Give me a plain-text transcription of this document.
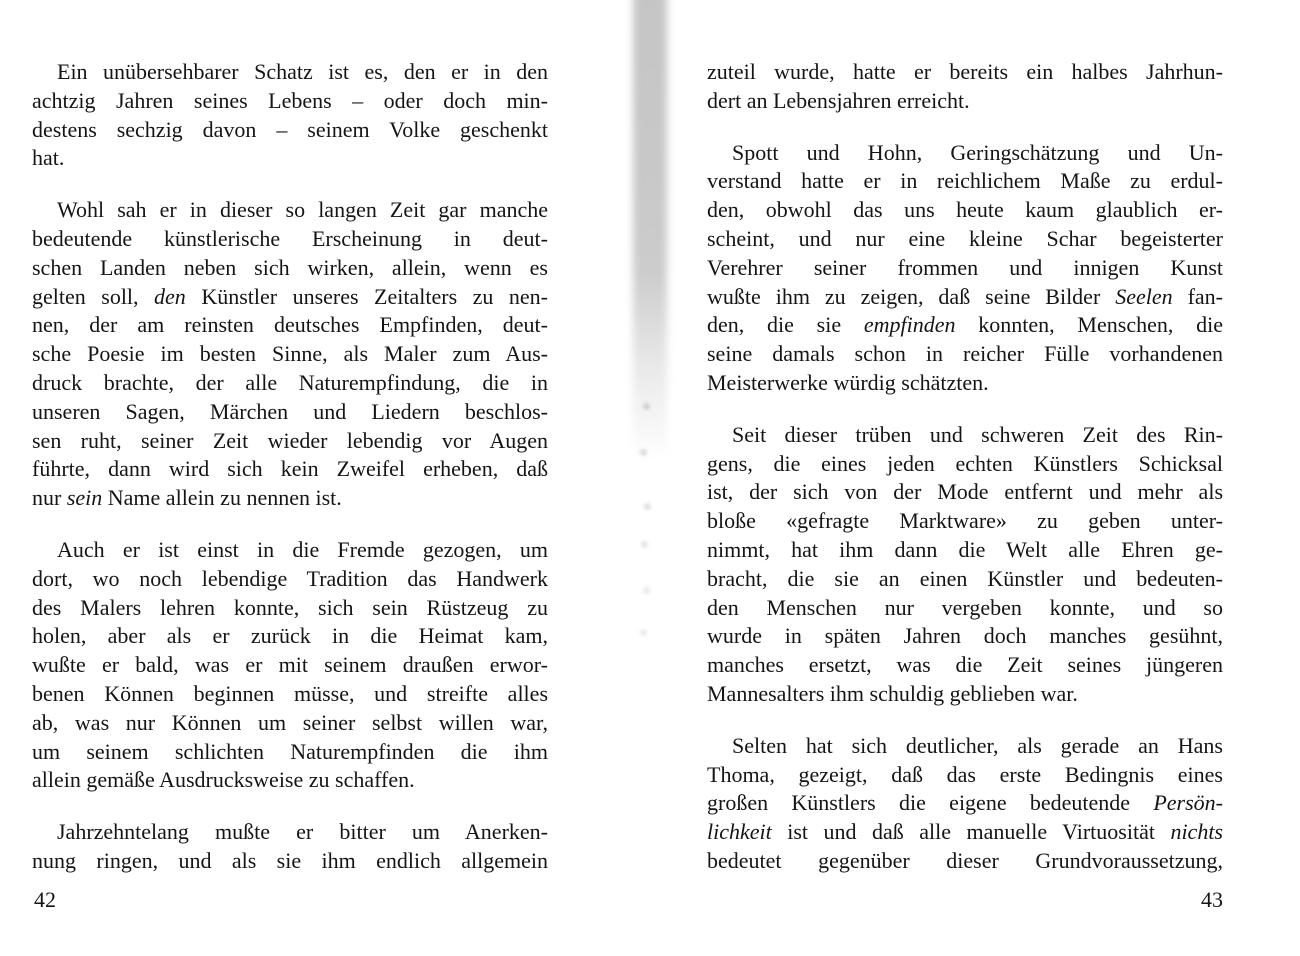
Ein unübersehbarer Schatz ist es, den er in den
achtzig Jahren seines Lebens – oder doch min-
destens sechzig davon – seinem Volke geschenkt
hat.
Wohl sah er in dieser so langen Zeit gar manche
bedeutende künstlerische Erscheinung in deut-
schen Landen neben sich wirken, allein, wenn es
gelten soll, den Künstler unseres Zeitalters zu nen-
nen, der am reinsten deutsches Empfinden, deut-
sche Poesie im besten Sinne, als Maler zum Aus-
druck brachte, der alle Naturempfindung, die in
unseren Sagen, Märchen und Liedern beschlos-
sen ruht, seiner Zeit wieder lebendig vor Augen
führte, dann wird sich kein Zweifel erheben, daß
nur sein Name allein zu nennen ist.
Auch er ist einst in die Fremde gezogen, um
dort, wo noch lebendige Tradition das Handwerk
des Malers lehren konnte, sich sein Rüstzeug zu
holen, aber als er zurück in die Heimat kam,
wußte er bald, was er mit seinem draußen erwor-
benen Können beginnen müsse, und streifte alles
ab, was nur Können um seiner selbst willen war,
um seinem schlichten Naturempfinden die ihm
allein gemäße Ausdrucksweise zu schaffen.
Jahrzehntelang mußte er bitter um Anerken-
nung ringen, und als sie ihm endlich allgemein
zuteil wurde, hatte er bereits ein halbes Jahrhun-
dert an Lebensjahren erreicht.
Spott und Hohn, Geringschätzung und Un-
verstand hatte er in reichlichem Maße zu erdul-
den, obwohl das uns heute kaum glaublich er-
scheint, und nur eine kleine Schar begeisterter
Verehrer seiner frommen und innigen Kunst
wußte ihm zu zeigen, daß seine Bilder Seelen fan-
den, die sie empfinden konnten, Menschen, die
seine damals schon in reicher Fülle vorhandenen
Meisterwerke würdig schätzten.
Seit dieser trüben und schweren Zeit des Rin-
gens, die eines jeden echten Künstlers Schicksal
ist, der sich von der Mode entfernt und mehr als
bloße «gefragte Marktware» zu geben unter-
nimmt, hat ihm dann die Welt alle Ehren ge-
bracht, die sie an einen Künstler und bedeuten-
den Menschen nur vergeben konnte, und so
wurde in späten Jahren doch manches gesühnt,
manches ersetzt, was die Zeit seines jüngeren
Mannesalters ihm schuldig geblieben war.
Selten hat sich deutlicher, als gerade an Hans
Thoma, gezeigt, daß das erste Bedingnis eines
großen Künstlers die eigene bedeutende Persön-
lichkeit ist und daß alle manuelle Virtuosität nichts
bedeutet gegenüber dieser Grundvoraussetzung,
42	43
